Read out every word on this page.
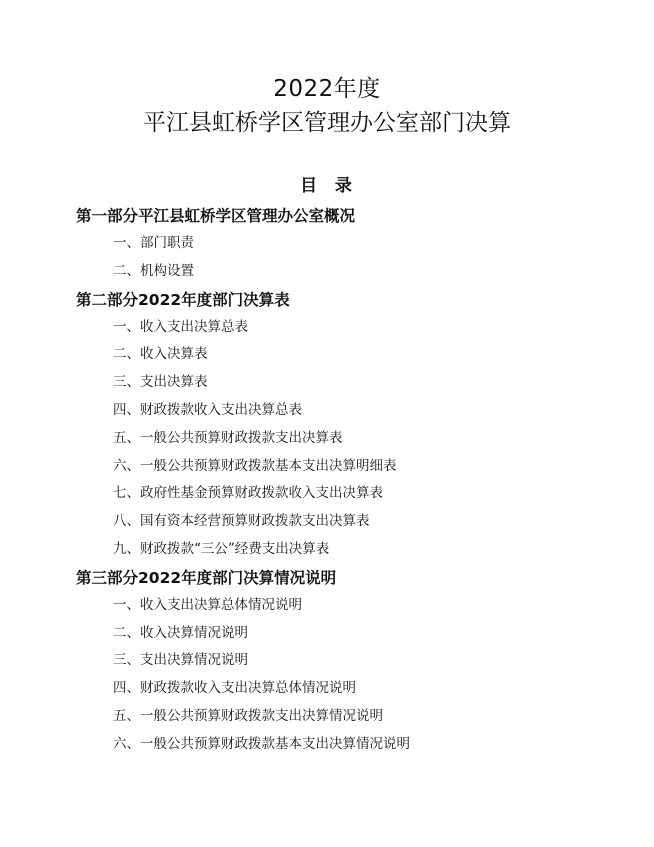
2022年度
平江县虹桥学区管理办公室部门决算
目  录
第一部分平江县虹桥学区管理办公室概况
一、部门职责
二、机构设置
第二部分2022年度部门决算表
一、收入支出决算总表
二、收入决算表
三、支出决算表
四、财政拨款收入支出决算总表
五、一般公共预算财政拨款支出决算表
六、一般公共预算财政拨款基本支出决算明细表
七、政府性基金预算财政拨款收入支出决算表
八、国有资本经营预算财政拨款支出决算表
九、财政拨款“三公”经费支出决算表
第三部分2022年度部门决算情况说明
一、收入支出决算总体情况说明
二、收入决算情况说明
三、支出决算情况说明
四、财政拨款收入支出决算总体情况说明
五、一般公共预算财政拨款支出决算情况说明
六、一般公共预算财政拨款基本支出决算情况说明
